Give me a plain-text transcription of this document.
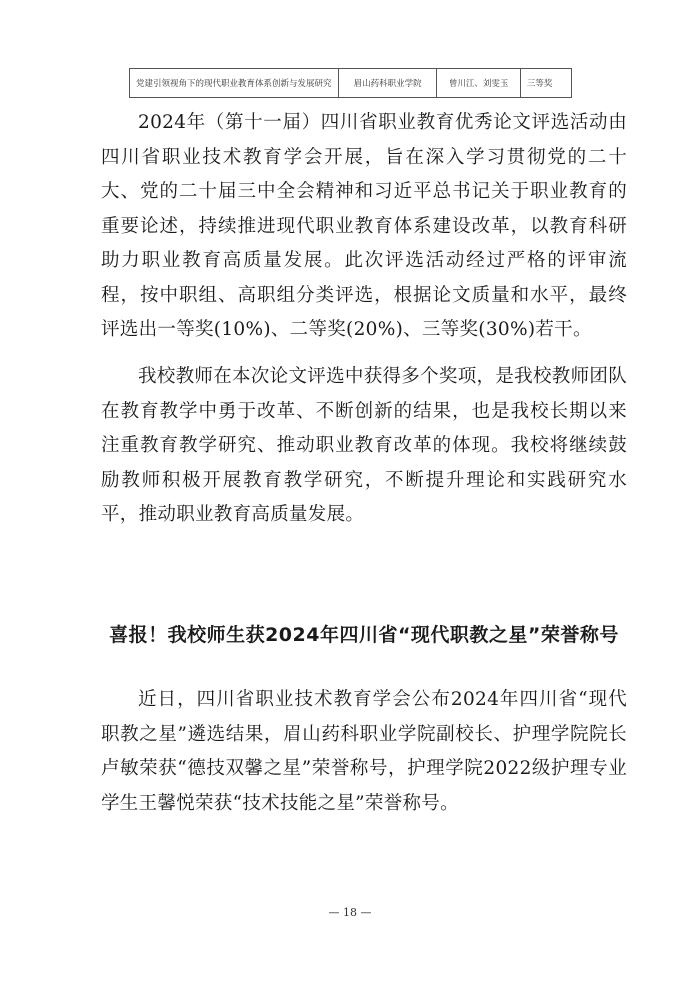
党建引领视角下的现代职业教育体系创新与发展研究	眉山药科职业学院	曾川江、刘雯玉	三等奖

2024年（第十一届）四川省职业教育优秀论文评选活动由四川省职业技术教育学会开展，旨在深入学习贯彻党的二十大、党的二十届三中全会精神和习近平总书记关于职业教育的重要论述，持续推进现代职业教育体系建设改革，以教育科研助力职业教育高质量发展。此次评选活动经过严格的评审流程，按中职组、高职组分类评选，根据论文质量和水平，最终评选出一等奖(10%)、二等奖(20%)、三等奖(30%)若干。

我校教师在本次论文评选中获得多个奖项，是我校教师团队在教育教学中勇于改革、不断创新的结果，也是我校长期以来注重教育教学研究、推动职业教育改革的体现。我校将继续鼓励教师积极开展教育教学研究，不断提升理论和实践研究水平，推动职业教育高质量发展。

喜报！我校师生获2024年四川省“现代职教之星”荣誉称号

近日，四川省职业技术教育学会公布2024年四川省“现代职教之星”遴选结果，眉山药科职业学院副校长、护理学院院长卢敏荣获“德技双馨之星”荣誉称号，护理学院2022级护理专业学生王馨悦荣获“技术技能之星”荣誉称号。

— 18 —
